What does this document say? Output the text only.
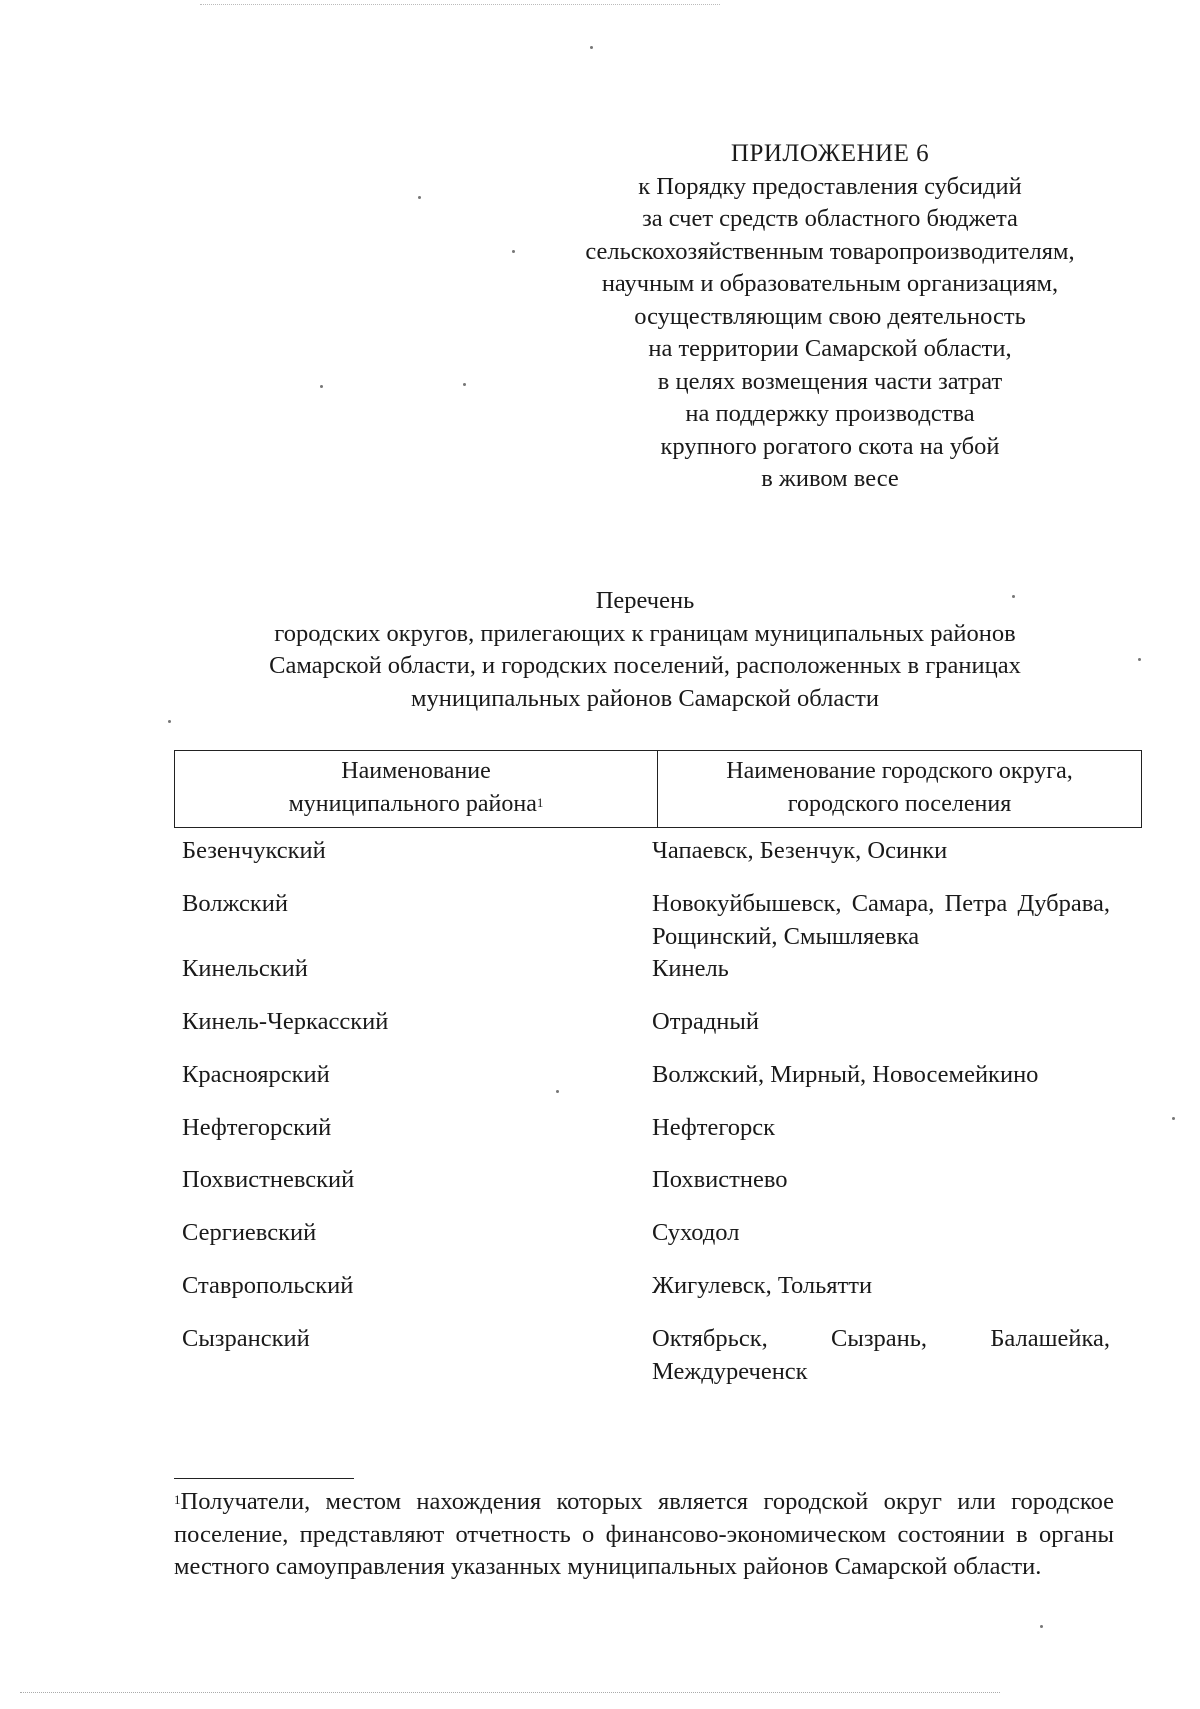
ПРИЛОЖЕНИЕ 6
к Порядку предоставления субсидий
за счет средств областного бюджета
сельскохозяйственным товаропроизводителям,
научным и образовательным организациям,
осуществляющим свою деятельность
на территории Самарской области,
в целях возмещения части затрат
на поддержку производства
крупного рогатого скота на убой
в живом весе
Перечень
городских округов, прилегающих к границам муниципальных районов
Самарской области, и городских поселений, расположенных в границах
муниципальных районов Самарской области
Наименование
муниципального района$^1$

Наименование городского округа,
городского поселения
Безенчукский	Чапаевск, Безенчук, Осинки
Волжский	Новокуйбышевск, Самара, Петра Дубрава, Рощинский, Смышляевка
Кинельский	Кинель
Кинель-Черкасский	Отрадный
Красноярский	Волжский, Мирный, Новосемейкино
Нефтегорский	Нефтегорск
Похвистневский	Похвистнево
Сергиевский	Суходол
Ставропольский	Жигулевск, Тольятти
Сызранский	Октябрьск, Сызрань, Балашейка, Междуреченск
$^1$Получатели, местом нахождения которых является городской округ или городское поселение, представляют отчетность о финансово-экономическом состоянии в органы местного самоуправления указанных муниципальных районов Самарской области.
